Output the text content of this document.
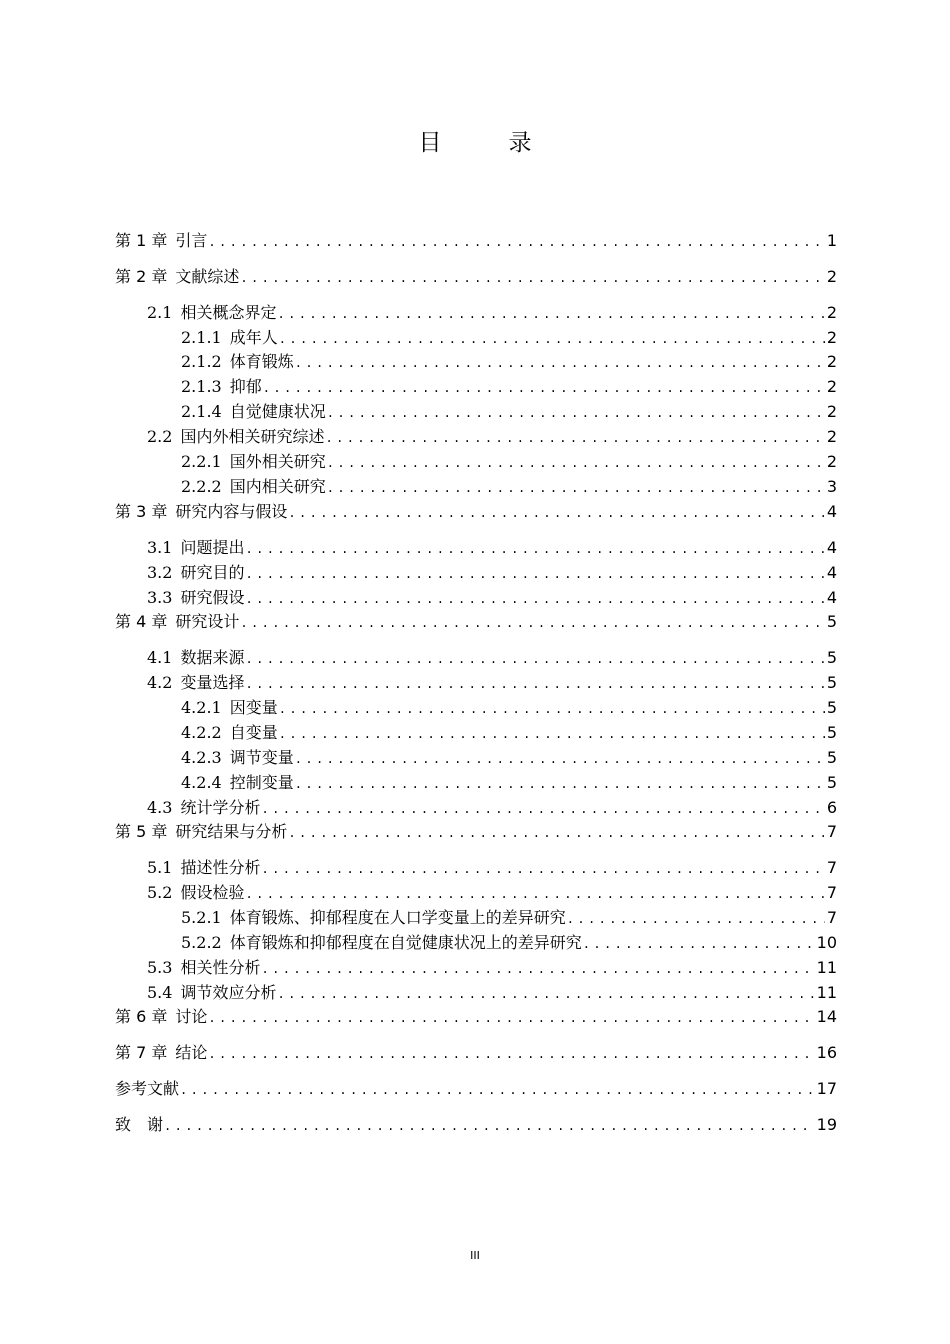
目　录
第 1 章 引言 .....	1
第 2 章 文献综述 .....	2
2.1 相关概念界定 .....	2
2.1.1 成年人 .....	2
2.1.2 体育锻炼 .....	2
2.1.3 抑郁 .....	2
2.1.4 自觉健康状况 .....	2
2.2 国内外相关研究综述 .....	2
2.2.1 国外相关研究 .....	2
2.2.2 国内相关研究 .....	3
第 3 章 研究内容与假设 .....	4
3.1 问题提出 .....	4
3.2 研究目的 .....	4
3.3 研究假设 .....	4
第 4 章 研究设计 .....	5
4.1 数据来源 .....	5
4.2 变量选择 .....	5
4.2.1 因变量 .....	5
4.2.2 自变量 .....	5
4.2.3 调节变量 .....	5
4.2.4 控制变量 .....	5
4.3 统计学分析 .....	6
第 5 章 研究结果与分析 .....	7
5.1 描述性分析 .....	7
5.2 假设检验 .....	7
5.2.1 体育锻炼、抑郁程度在人口学变量上的差异研究 .....	7
5.2.2 体育锻炼和抑郁程度在自觉健康状况上的差异研究 .....	10
5.3 相关性分析 .....	11
5.4 调节效应分析 .....	11
第 6 章 讨论 .....	14
第 7 章 结论 .....	16
参考文献 .....	17
致　谢 .....	19
III
